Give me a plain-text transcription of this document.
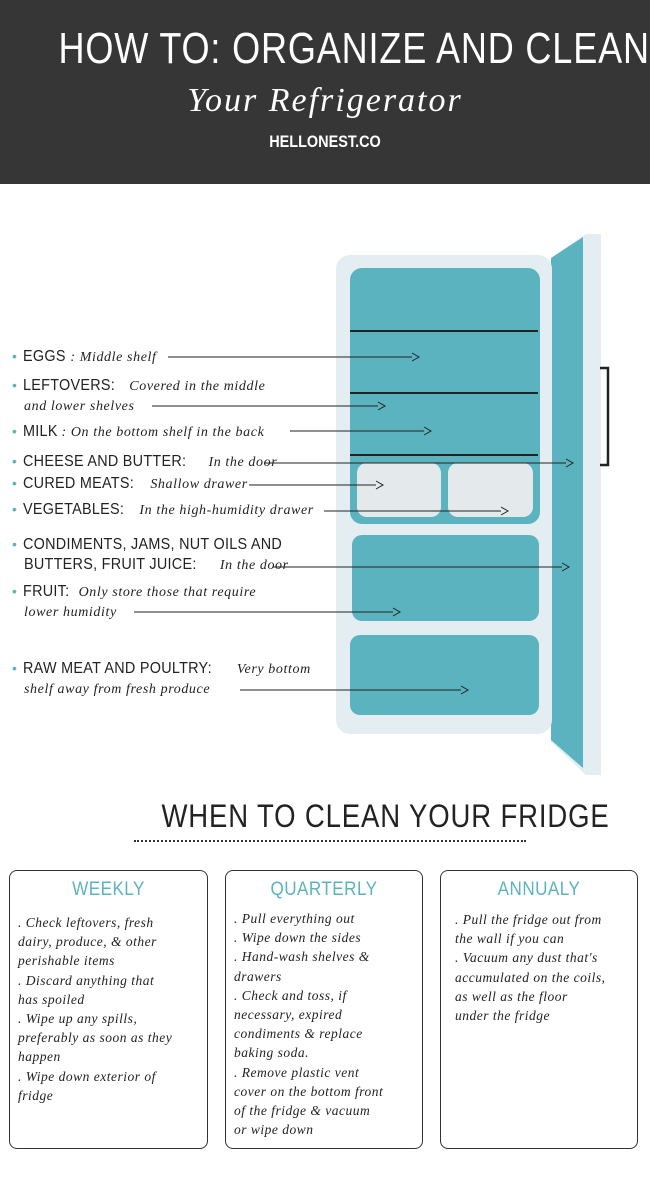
HOW TO: ORGANIZE AND CLEAN
Your Refrigerator
HELLONEST.CO
• EGGS : Middle shelf
• LEFTOVERS: Covered in the middle
and lower shelves
• MILK : On the bottom shelf in the back
• CHEESE AND BUTTER: In the door
• CURED MEATS: Shallow drawer
• VEGETABLES: In the high-humidity drawer
• CONDIMENTS, JAMS, NUT OILS AND
BUTTERS, FRUIT JUICE: In the door
• FRUIT: Only store those that require
lower humidity
• RAW MEAT AND POULTRY: Very bottom
shelf away from fresh produce
WHEN TO CLEAN YOUR FRIDGE
WEEKLY
. Check leftovers, fresh
dairy, produce, & other
perishable items
. Discard anything that
has spoiled
. Wipe up any spills,
preferably as soon as they
happen
. Wipe down exterior of
fridge
QUARTERLY
. Pull everything out
. Wipe down the sides
. Hand-wash shelves &
drawers
. Check and toss, if
necessary, expired
condiments & replace
baking soda.
. Remove plastic vent
cover on the bottom front
of the fridge & vacuum
or wipe down
ANNUALY
. Pull the fridge out from
the wall if you can
. Vacuum any dust that's
accumulated on the coils,
as well as the floor
under the fridge
